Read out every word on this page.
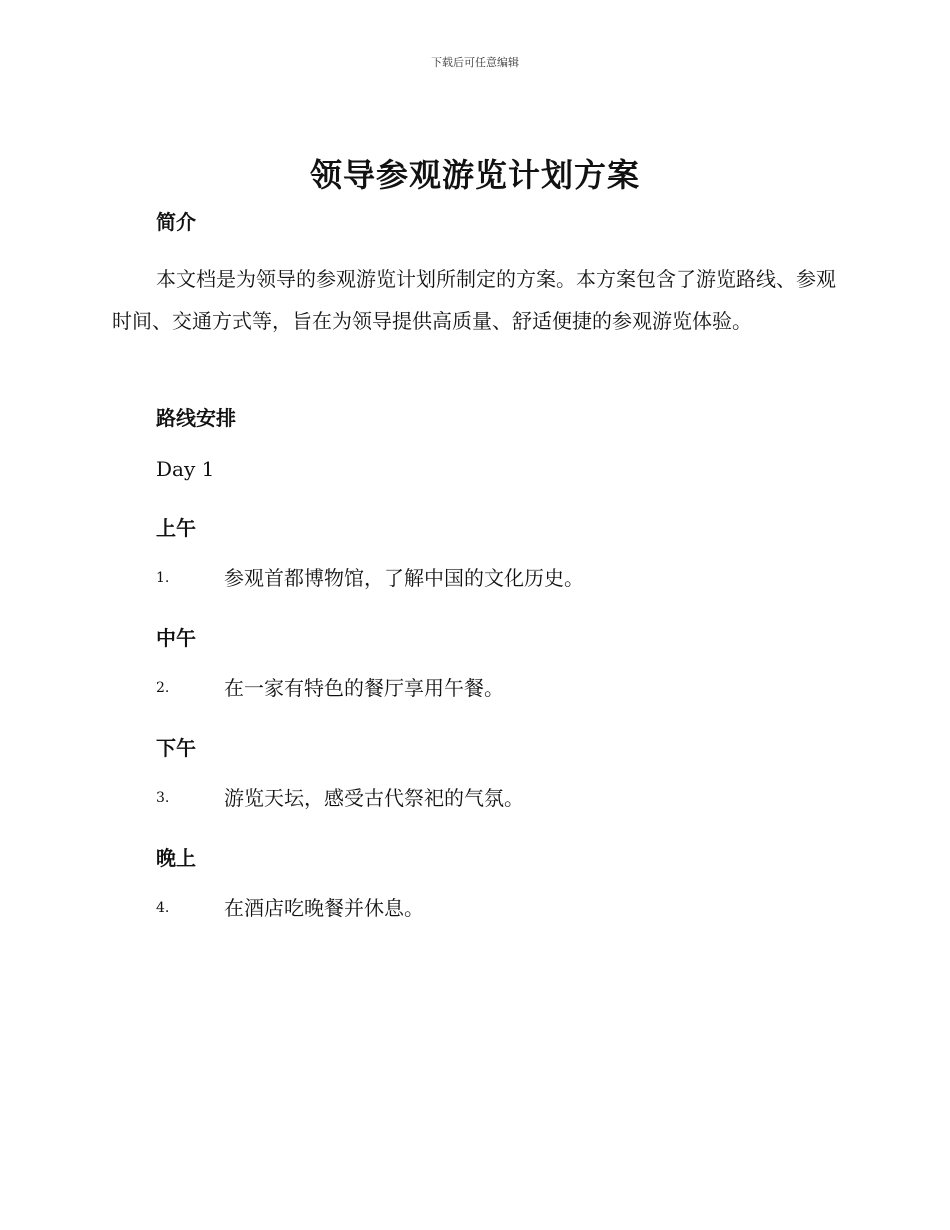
下载后可任意编辑
领导参观游览计划方案
简介
本文档是为领导的参观游览计划所制定的方案。本方案包含了游览路线、参观时间、交通方式等，旨在为领导提供高质量、舒适便捷的参观游览体验。
路线安排
Day 1
上午
1.	参观首都博物馆，了解中国的文化历史。
中午
2.	在一家有特色的餐厅享用午餐。
下午
3.	游览天坛，感受古代祭祀的气氛。
晚上
4.	在酒店吃晚餐并休息。
